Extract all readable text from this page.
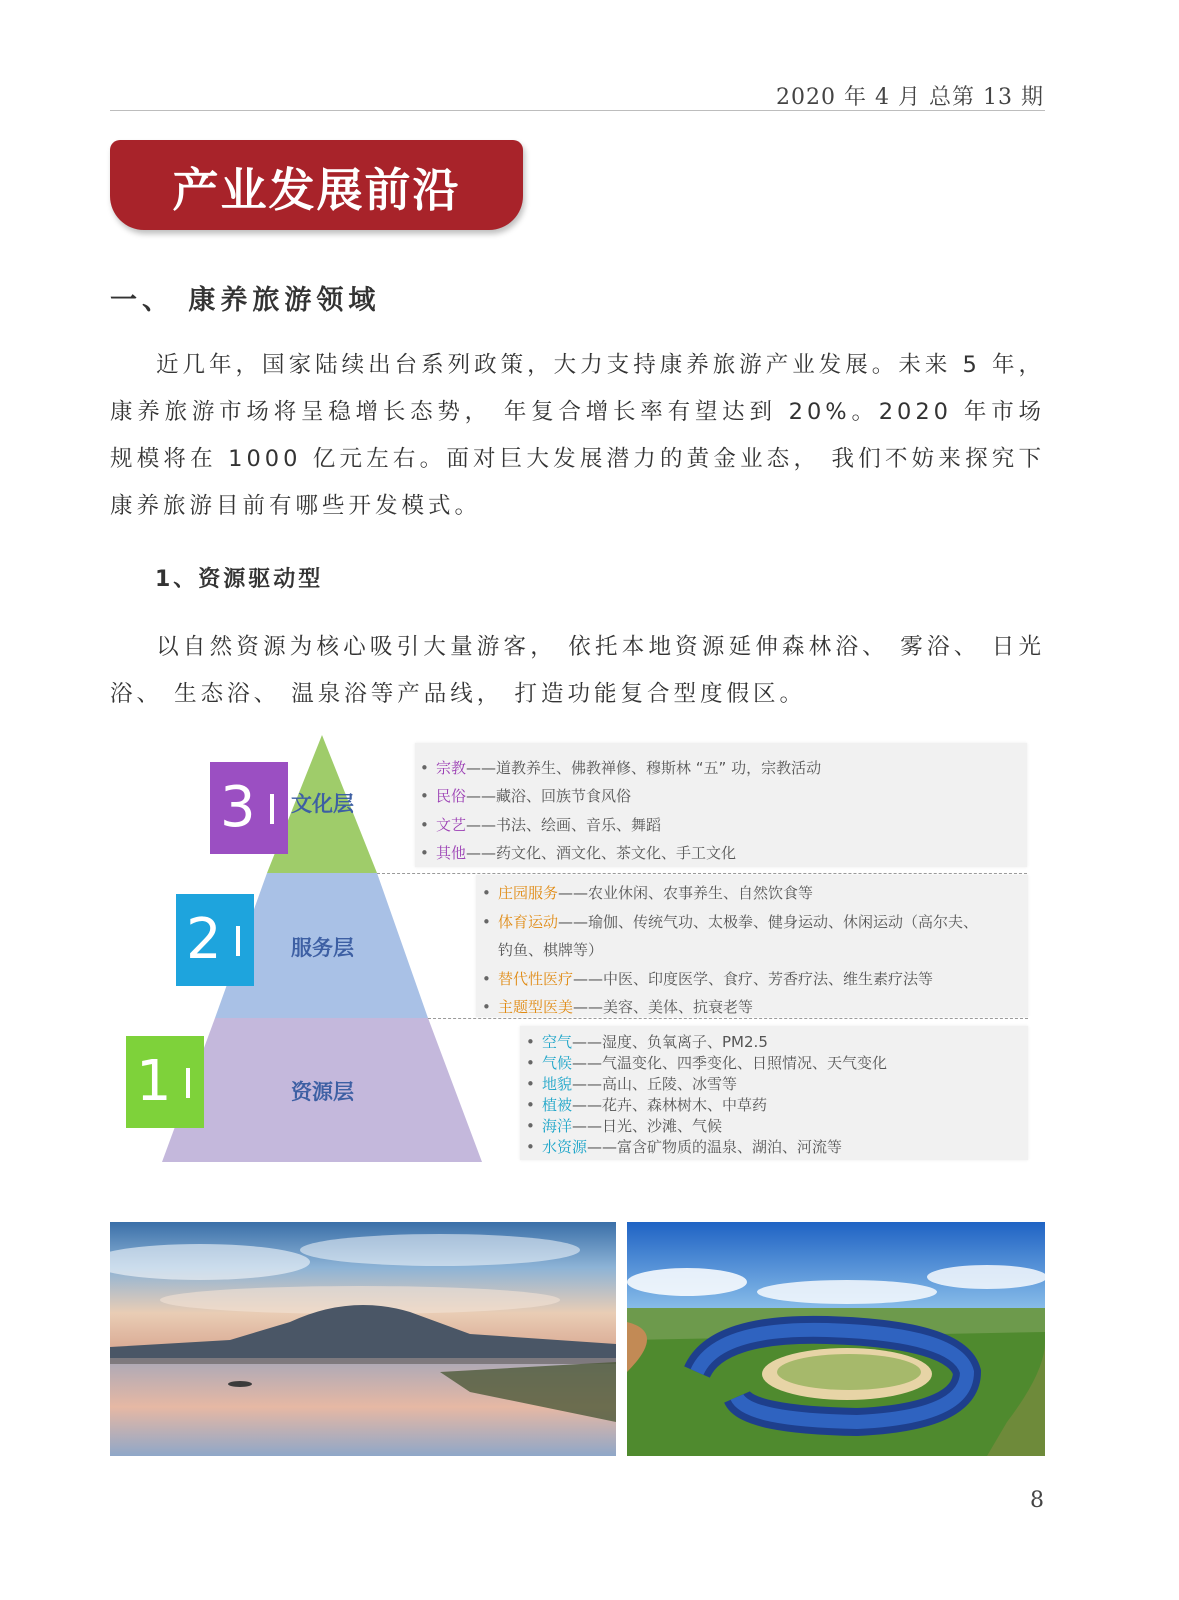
2020 年 4 月 总第 13 期
产业发展前沿
一、 康养旅游领域
近几年，国家陆续出台系列政策，大力支持康养旅游产业发展。未来 5 年，康养旅游市场将呈稳增长态势， 年复合增长率有望达到 20%。2020 年市场规模将在 1000 亿元左右。面对巨大发展潜力的黄金业态， 我们不妨来探究下康养旅游目前有哪些开发模式。
1、资源驱动型
以自然资源为核心吸引大量游客， 依托本地资源延伸森林浴、 雾浴、 日光浴、 生态浴、 温泉浴等产品线， 打造功能复合型度假区。
3
2
1
文化层
服务层
资源层
• 宗教——道教养生、佛教禅修、穆斯林 “五” 功，宗教活动
• 民俗——藏浴、回族节食风俗
• 文艺——书法、绘画、音乐、舞蹈
• 其他——药文化、酒文化、茶文化、手工文化
• 庄园服务——农业休闲、农事养生、自然饮食等
• 体育运动——瑜伽、传统气功、太极拳、健身运动、休闲运动（高尔夫、
钓鱼、棋牌等）
• 替代性医疗——中医、印度医学、食疗、芳香疗法、维生素疗法等
• 主题型医美——美容、美体、抗衰老等
• 空气——湿度、负氧离子、PM2.5
• 气候——气温变化、四季变化、日照情况、天气变化
• 地貌——高山、丘陵、冰雪等
• 植被——花卉、森林树木、中草药
• 海洋——日光、沙滩、气候
• 水资源——富含矿物质的温泉、湖泊、河流等
8
